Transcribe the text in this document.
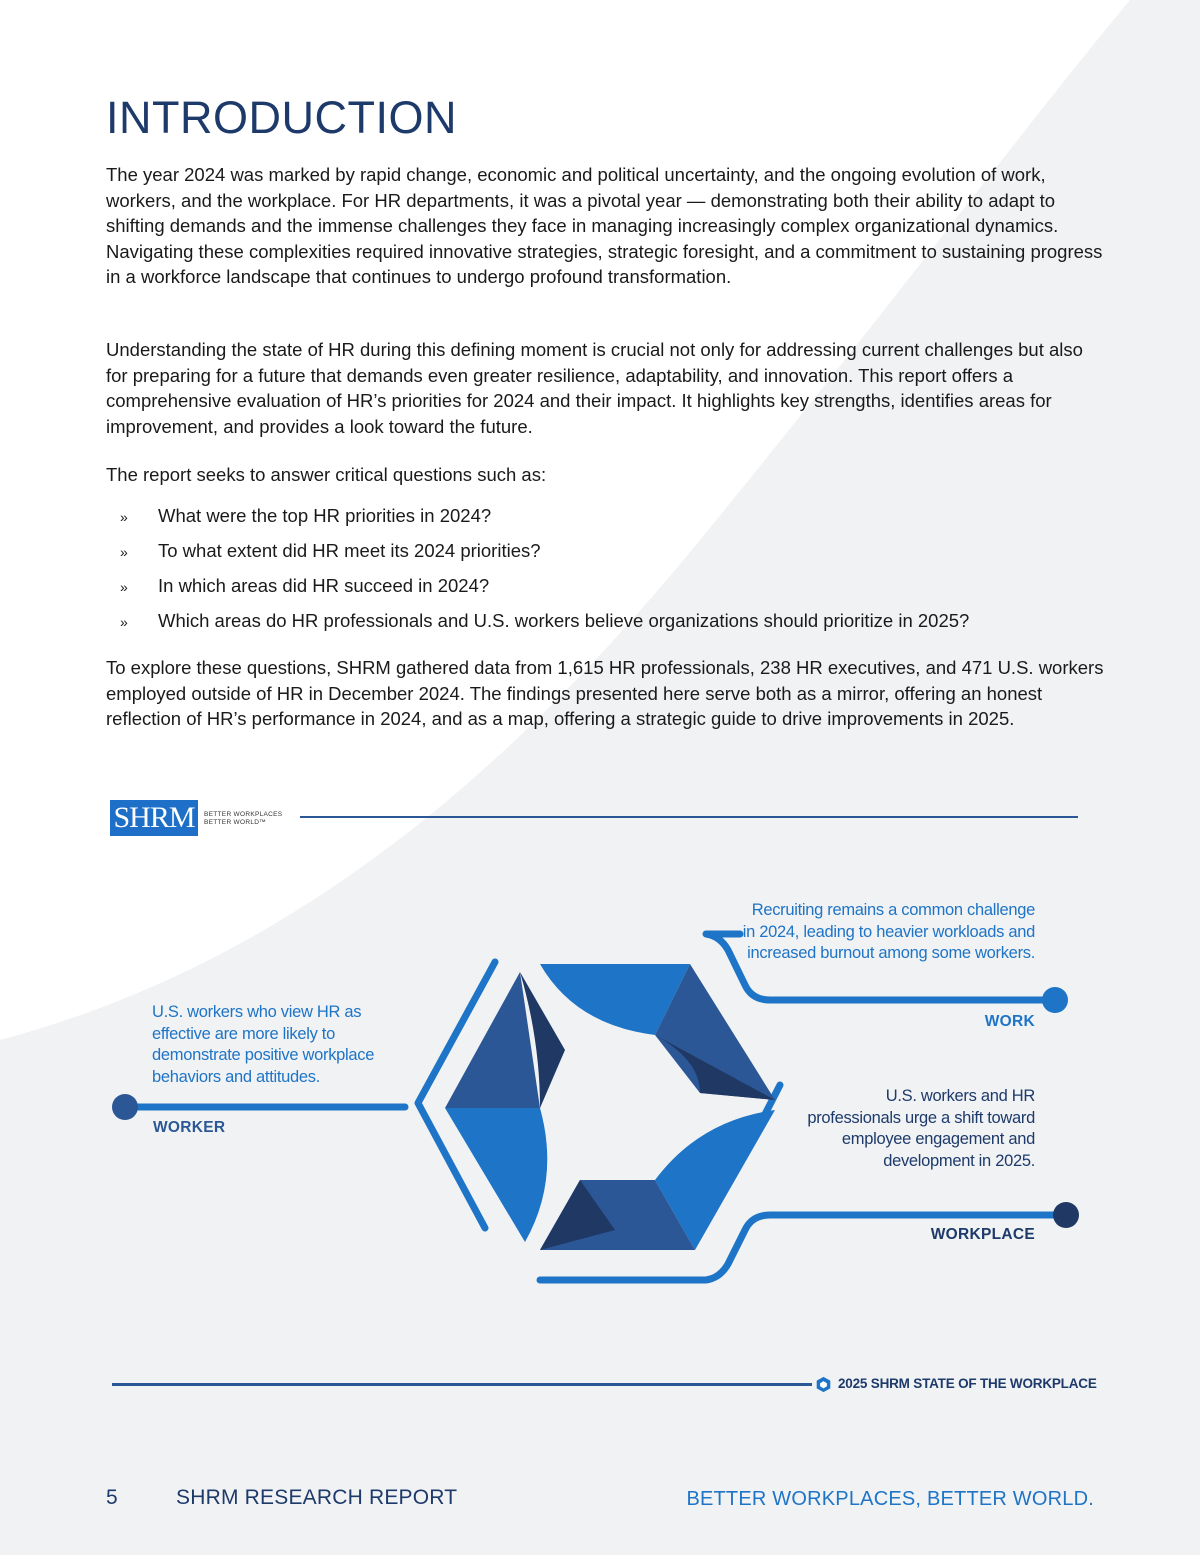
INTRODUCTION

The year 2024 was marked by rapid change, economic and political uncertainty, and the ongoing evolution of work, workers, and the workplace. For HR departments, it was a pivotal year — demonstrating both their ability to adapt to shifting demands and the immense challenges they face in managing increasingly complex organizational dynamics. Navigating these complexities required innovative strategies, strategic foresight, and a commitment to sustaining progress in a workforce landscape that continues to undergo profound transformation.

Understanding the state of HR during this defining moment is crucial not only for addressing current challenges but also for preparing for a future that demands even greater resilience, adaptability, and innovation. This report offers a comprehensive evaluation of HR’s priorities for 2024 and their impact. It highlights key strengths, identifies areas for improvement, and provides a look toward the future.

The report seeks to answer critical questions such as:

»	What were the top HR priorities in 2024?
»	To what extent did HR meet its 2024 priorities?
»	In which areas did HR succeed in 2024?
»	Which areas do HR professionals and U.S. workers believe organizations should prioritize in 2025?

To explore these questions, SHRM gathered data from 1,615 HR professionals, 238 HR executives, and 471 U.S. workers employed outside of HR in December 2024. The findings presented here serve both as a mirror, offering an honest reflection of HR’s performance in 2024, and as a map, offering a strategic guide to drive improvements in 2025.

SHRM	BETTER WORKPLACES
BETTER WORLD™

Recruiting remains a common challenge in 2024, leading to heavier workloads and increased burnout among some workers.

WORK

U.S. workers who view HR as effective are more likely to demonstrate positive workplace behaviors and attitudes.

WORKER

U.S. workers and HR professionals urge a shift toward employee engagement and development in 2025.

WORKPLACE
2025 SHRM STATE OF THE WORKPLACE
5	SHRM RESEARCH REPORT	BETTER WORKPLACES, BETTER WORLD.
